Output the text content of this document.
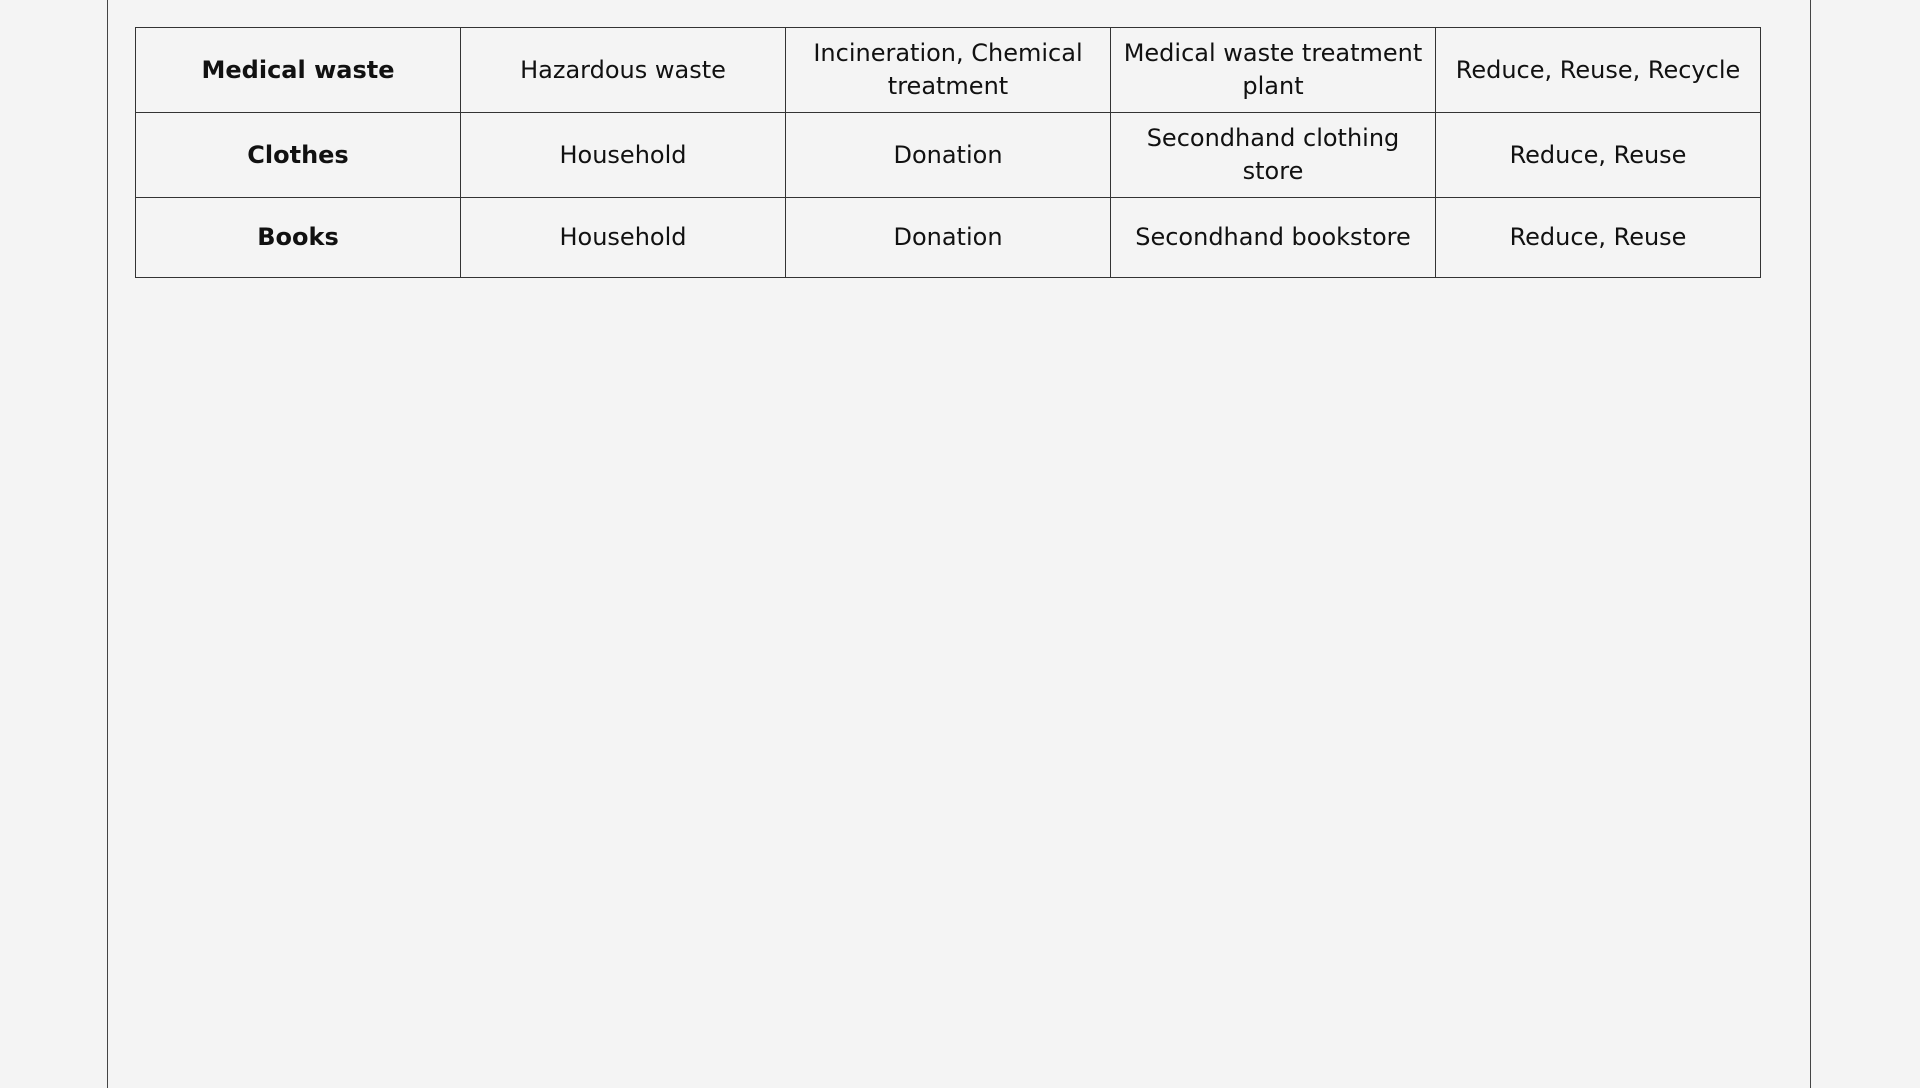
Medical waste	Hazardous waste	Incineration, Chemical treatment	Medical waste treatment plant	Reduce, Reuse, Recycle
Clothes	Household	Donation	Secondhand clothing store	Reduce, Reuse
Books	Household	Donation	Secondhand bookstore	Reduce, Reuse
